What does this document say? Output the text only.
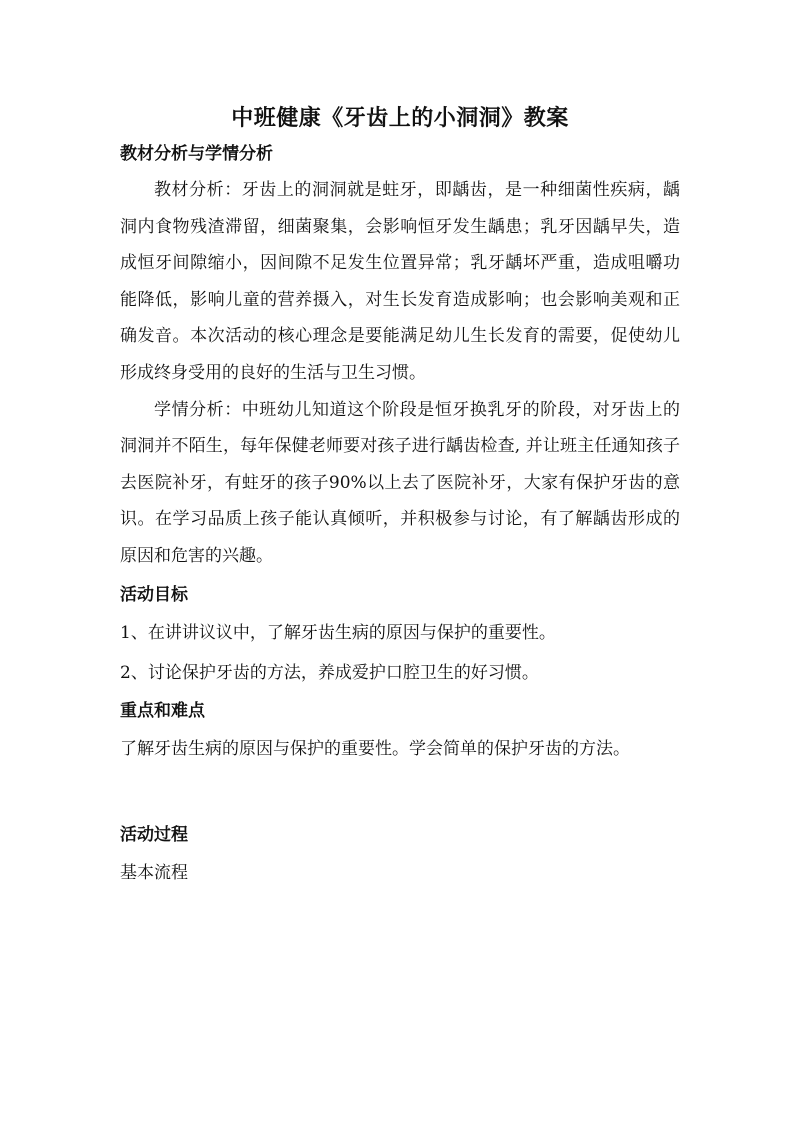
中班健康《牙齿上的小洞洞》教案
教材分析与学情分析

教材分析：牙齿上的洞洞就是蛀牙，即龋齿，是一种细菌性疾病，龋洞内食物残渣滞留，细菌聚集，会影响恒牙发生龋患；乳牙因龋早失，造成恒牙间隙缩小，因间隙不足发生位置异常；乳牙龋坏严重，造成咀嚼功能降低，影响儿童的营养摄入，对生长发育造成影响；也会影响美观和正确发音。本次活动的核心理念是要能满足幼儿生长发育的需要，促使幼儿形成终身受用的良好的生活与卫生习惯。

学情分析：中班幼儿知道这个阶段是恒牙换乳牙的阶段，对牙齿上的洞洞并不陌生，每年保健老师要对孩子进行龋齿检查, 并让班主任通知孩子去医院补牙，有蛀牙的孩子90%以上去了医院补牙，大家有保护牙齿的意识。在学习品质上孩子能认真倾听，并积极参与讨论，有了解龋齿形成的原因和危害的兴趣。

活动目标

1、在讲讲议议中，了解牙齿生病的原因与保护的重要性。

2、讨论保护牙齿的方法，养成爱护口腔卫生的好习惯。

重点和难点

了解牙齿生病的原因与保护的重要性。学会简单的保护牙齿的方法。

活动过程

基本流程
